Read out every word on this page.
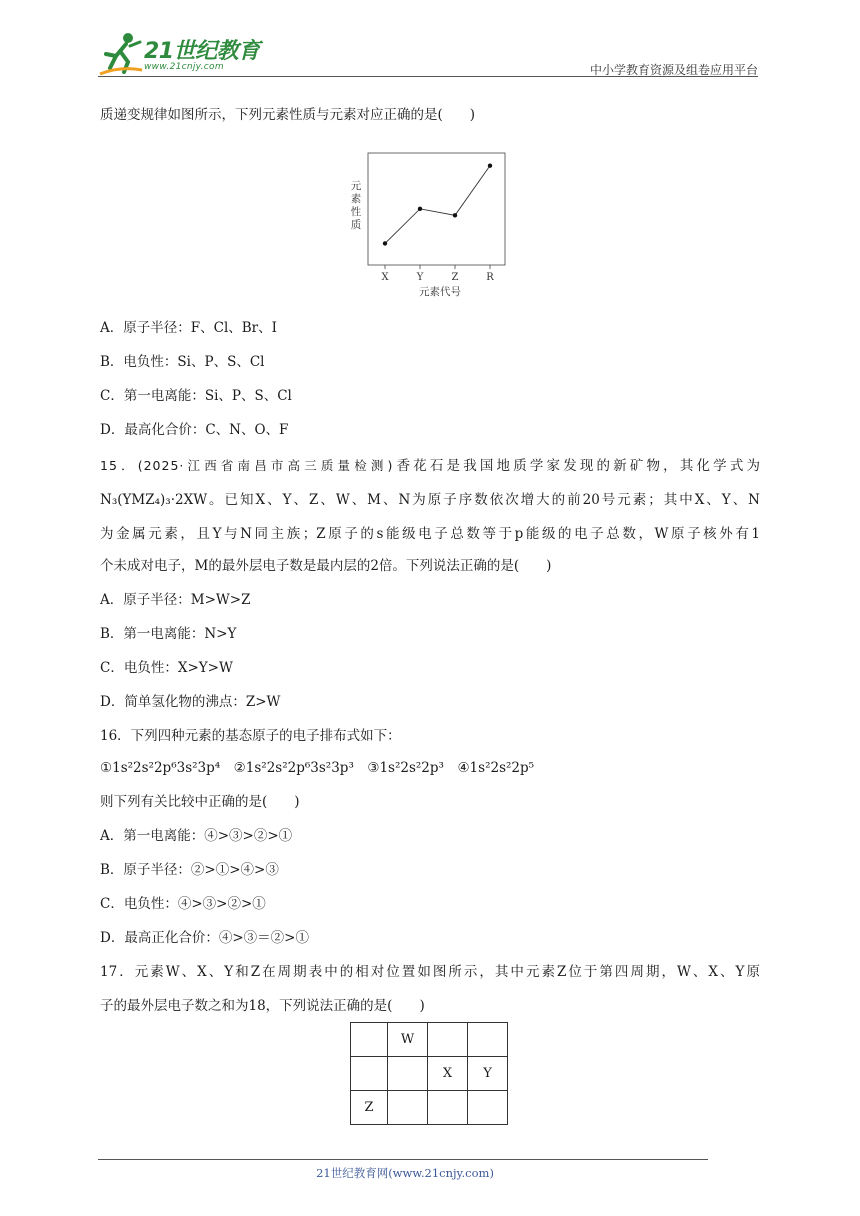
21世纪教育
www.21cnjy.com	中小学教育资源及组卷应用平台
质递变规律如图所示，下列元素性质与元素对应正确的是(　　)
元素性质
元素代号
X	Y	Z	R
A．原子半径：F、Cl、Br、I
B．电负性：Si、P、S、Cl
C．第一电离能：Si、P、S、Cl
D．最高化合价：C、N、O、F
15．(2025·江西省南昌市高三质量检测)香花石是我国地质学家发现的新矿物，其化学式为
N₃(YMZ₄)₃·2XW。已知X、Y、Z、W、M、N为原子序数依次增大的前20号元素；其中X、Y、N
为金属元素，且Y与N同主族；Z原子的s能级电子总数等于p能级的电子总数，W原子核外有1
个未成对电子，M的最外层电子数是最内层的2倍。下列说法正确的是(　　)
A．原子半径：M>W>Z
B．第一电离能：N>Y
C．电负性：X>Y>W
D．简单氢化物的沸点：Z>W
16．下列四种元素的基态原子的电子排布式如下：
①1s²2s²2p⁶3s²3p⁴　②1s²2s²2p⁶3s²3p³　③1s²2s²2p³　④1s²2s²2p⁵
则下列有关比较中正确的是(　　)
A．第一电离能：④>③>②>①
B．原子半径：②>①>④>③
C．电负性：④>③>②>①
D．最高正化合价：④>③＝②>①
17．元素W、X、Y和Z在周期表中的相对位置如图所示，其中元素Z位于第四周期，W、X、Y原
子的最外层电子数之和为18，下列说法正确的是(　　)
	W		
		X	Y
Z			
21世纪教育网(www.21cnjy.com)
